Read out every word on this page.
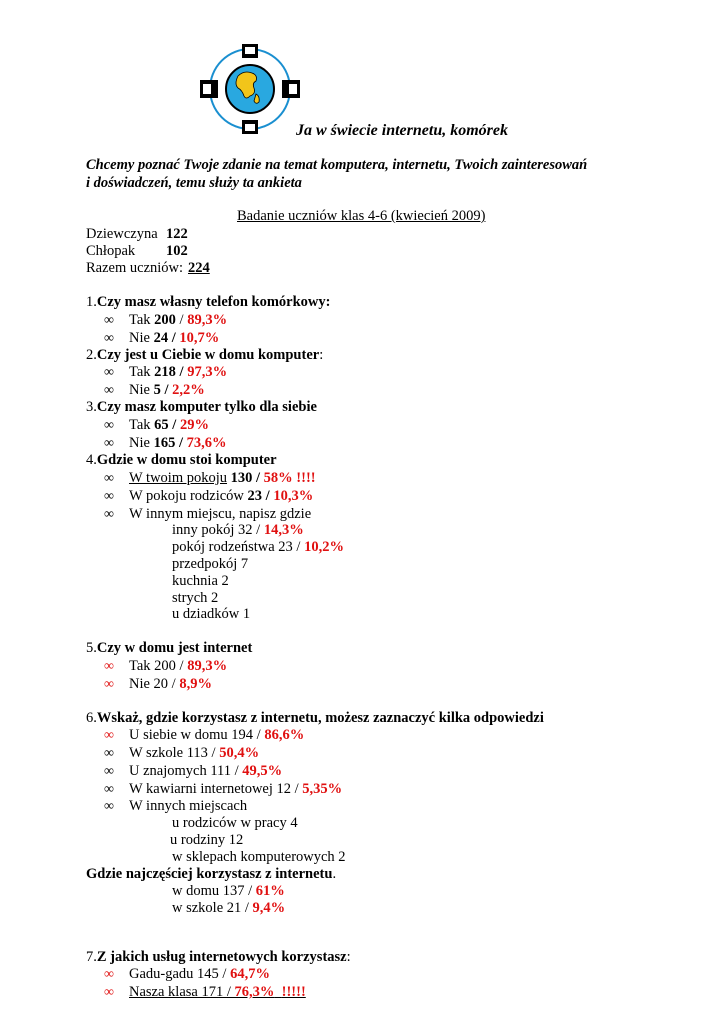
Ja w świecie internetu, komórek
Chcemy poznać Twoje zdanie na temat komputera, internetu, Twoich zainteresowań
i doświadczeń, temu służy ta ankieta
Badanie uczniów klas 4-6 (kwiecień 2009)
Dziewczyna 122
Chłopak 102
Razem uczniów: 224
1.Czy masz własny telefon komórkowy:
∞ Tak 200 / 89,3%
∞ Nie 24 / 10,7%
2.Czy jest u Ciebie w domu komputer:
∞ Tak 218 / 97,3%
∞ Nie 5 / 2,2%
3.Czy masz komputer tylko dla siebie
∞ Tak 65 / 29%
∞ Nie 165 / 73,6%
4.Gdzie w domu stoi komputer
∞ W twoim pokoju 130 / 58% !!!!
∞ W pokoju rodziców 23 / 10,3%
∞ W innym miejscu, napisz gdzie
inny pokój 32 / 14,3%
pokój rodzeństwa 23 / 10,2%
przedpokój 7
kuchnia 2
strych 2
u dziadków 1
5.Czy w domu jest internet
∞ Tak 200 / 89,3%
∞ Nie 20 / 8,9%
6.Wskaż, gdzie korzystasz z internetu, możesz zaznaczyć kilka odpowiedzi
∞ U siebie w domu 194 / 86,6%
∞ W szkole 113 / 50,4%
∞ U znajomych 111 / 49,5%
∞ W kawiarni internetowej 12 / 5,35%
∞ W innych miejscach
u rodziców w pracy 4
u rodziny 12
w sklepach komputerowych 2
Gdzie najczęściej korzystasz z internetu.
w domu 137 / 61%
w szkole 21 / 9,4%
7.Z jakich usług internetowych korzystasz:
∞ Gadu-gadu 145 / 64,7%
∞ Nasza klasa 171 / 76,3% !!!!!
